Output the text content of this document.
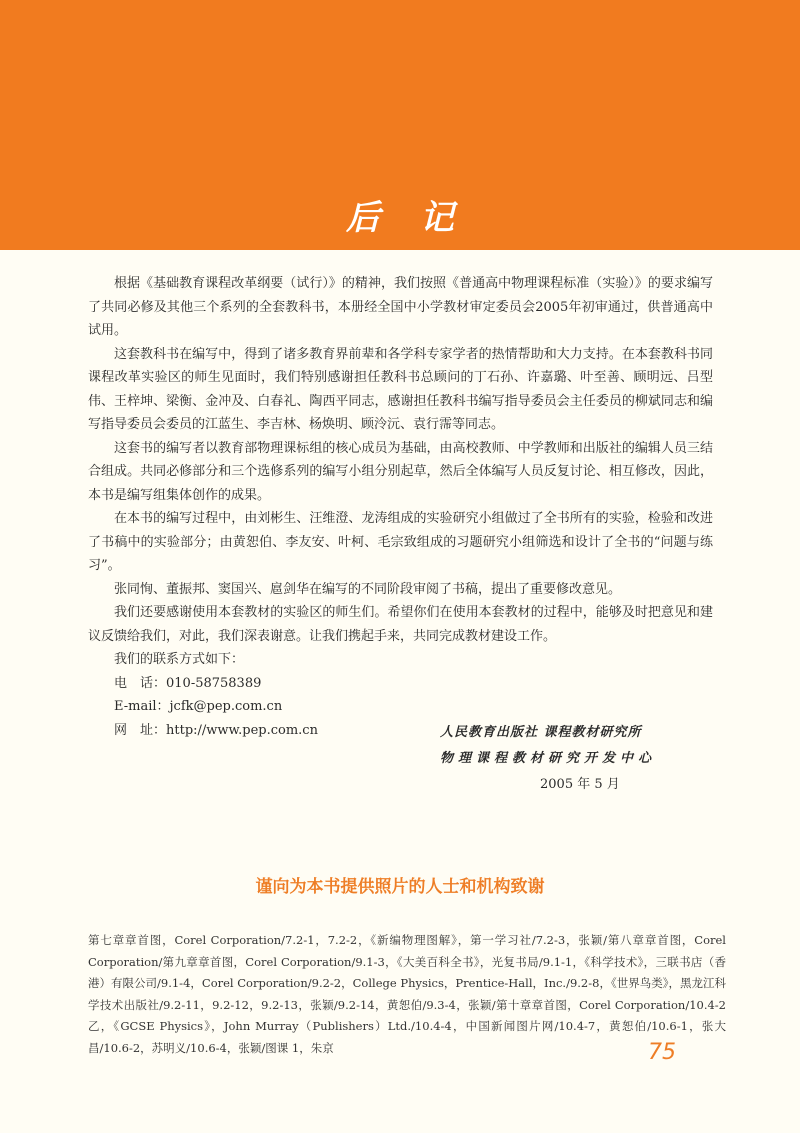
后记

根据《基础教育课程改革纲要（试行）》的精神，我们按照《普通高中物理课程标准（实验）》的要求编写了共同必修及其他三个系列的全套教科书，本册经全国中小学教材审定委员会2005年初审通过，供普通高中试用。

这套教科书在编写中，得到了诸多教育界前辈和各学科专家学者的热情帮助和大力支持。在本套教科书同课程改革实验区的师生见面时，我们特别感谢担任教科书总顾问的丁石孙、许嘉璐、叶至善、顾明远、吕型伟、王梓坤、梁衡、金冲及、白春礼、陶西平同志，感谢担任教科书编写指导委员会主任委员的柳斌同志和编写指导委员会委员的江蓝生、李吉林、杨焕明、顾泠沅、袁行霈等同志。

这套书的编写者以教育部物理课标组的核心成员为基础，由高校教师、中学教师和出版社的编辑人员三结合组成。共同必修部分和三个选修系列的编写小组分别起草，然后全体编写人员反复讨论、相互修改，因此，本书是编写组集体创作的成果。

在本书的编写过程中，由刘彬生、汪维澄、龙涛组成的实验研究小组做过了全书所有的实验，检验和改进了书稿中的实验部分；由黄恕伯、李友安、叶柯、毛宗致组成的习题研究小组筛选和设计了全书的“问题与练习”。

张同恂、董振邦、窦国兴、扈剑华在编写的不同阶段审阅了书稿，提出了重要修改意见。

我们还要感谢使用本套教材的实验区的师生们。希望你们在使用本套教材的过程中，能够及时把意见和建议反馈给我们，对此，我们深表谢意。让我们携起手来，共同完成教材建设工作。

我们的联系方式如下：

电　话：010-58758389

E-mail：jcfk@pep.com.cn

网　址：http://www.pep.com.cn	人民教育出版社 课程教材研究所
物理课程教材研究开发中心
2005 年 5 月
谨向为本书提供照片的人士和机构致谢
第七章章首图，Corel Corporation/7.2-1，7.2-2，《新编物理图解》，第一学习社/7.2-3，张颖/第八章章首图，Corel Corporation/第九章章首图，Corel Corporation/9.1-3，《大美百科全书》，光复书局/9.1-1，《科学技术》，三联书店（香港）有限公司/9.1-4，Corel Corporation/9.2-2，College Physics，Prentice-Hall，Inc./9.2-8，《世界鸟类》，黑龙江科学技术出版社/9.2-11，9.2-12，9.2-13，张颖/9.2-14，黄恕伯/9.3-4，张颖/第十章章首图，Corel Corporation/10.4-2 乙，《GCSE Physics》，John Murray（Publishers）Ltd./10.4-4，中国新闻图片网/10.4-7，黄恕伯/10.6-1，张大昌/10.6-2，苏明义/10.6-4，张颖/图课 1，朱京	75
